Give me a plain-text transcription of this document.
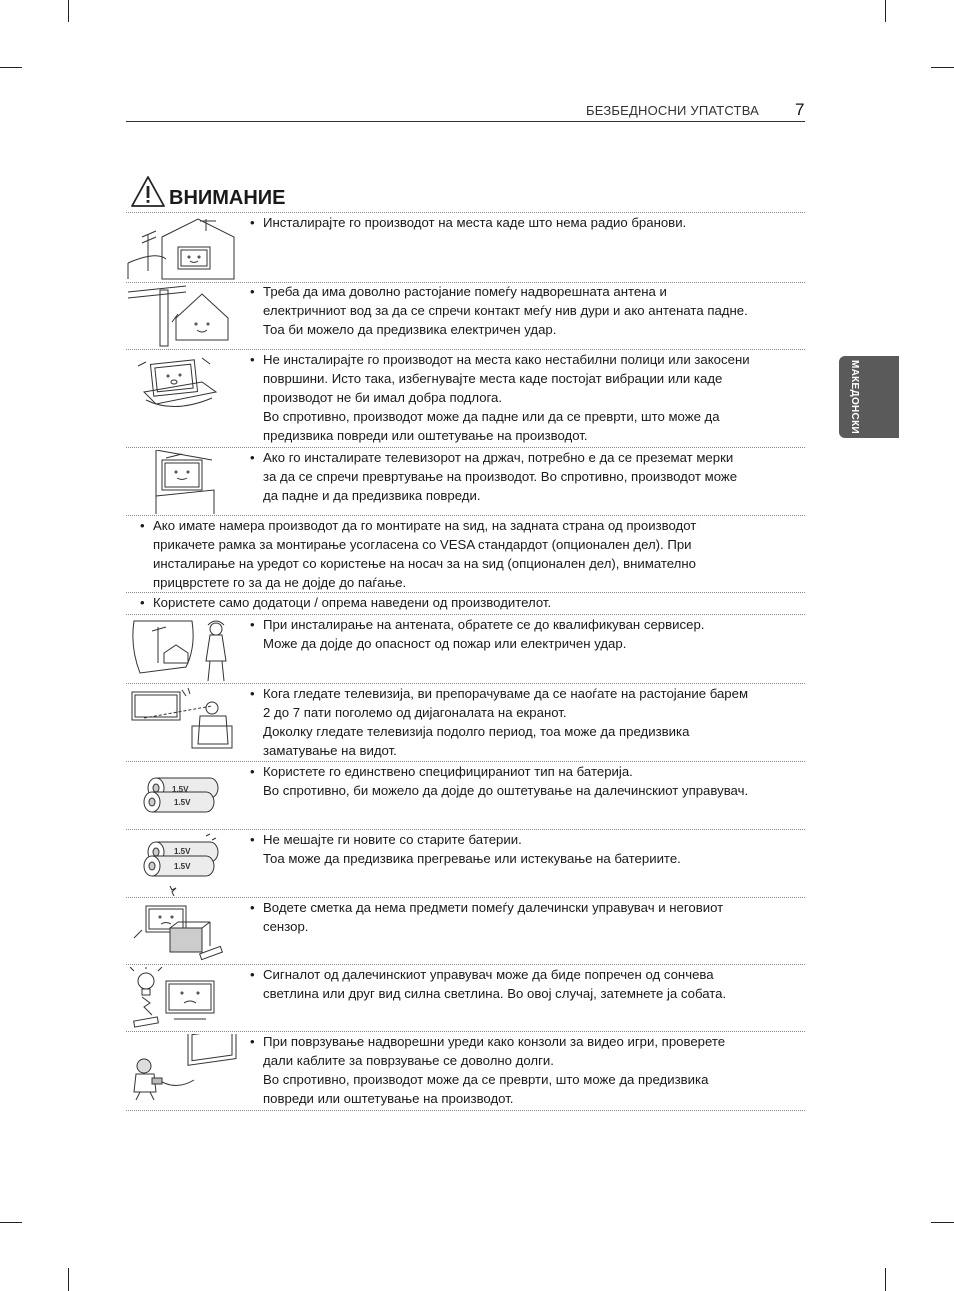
БЕЗБЕДНОСНИ УПАТСТВА 7
МАКЕДОНСКИ
ВНИМАНИЕ
• Инсталирајте го производот на места каде што нема радио бранови.
• Треба да има доволно растојание помеѓу надворешната антена и
електричниот вод за да се спречи контакт меѓу нив дури и ако антената падне.
Тоа би можело да предизвика електричен удар.
• Не инсталирајте го производот на места како нестабилни полици или закосени
површини. Исто така, избегнувајте места каде постојат вибрации или каде
производот не би имал добра подлога.
Во спротивно, производот може да падне или да се преврти, што може да
предизвика повреди или оштетување на производот.
• Ако го инсталирате телевизорот на држач, потребно е да се преземат мерки
за да се спречи превртување на производот. Во спротивно, производот може
да падне и да предизвика повреди.
• Ако имате намера производот да го монтирате на ѕид, на задната страна од производот
прикачете рамка за монтирање усогласена со VESA стандардот (опционален дел). При
инсталирање на уредот со користење на носач за на ѕид (опционален дел), внимателно
прицврстете го за да не дојде до паѓање.
• Користете само додатоци / опрема наведени од производителот.
• При инсталирање на антената, обратете се до квалификуван сервисер.
Може да дојде до опасност од пожар или електричен удар.
• Кога гледате телевизија, ви препорачуваме да се наоѓате на растојание барем
2 до 7 пати поголемо од дијагоналата на екранот.
Доколку гледате телевизија подолго период, тоа може да предизвика
заматување на видот.
1.5V
1.5V
• Користете го единствено специфицираниот тип на батерија.
Во спротивно, би можело да дојде до оштетување на далечинскиот управувач.
1.5V
1.5V
• Не мешајте ги новите со старите батерии.
Тоа може да предизвика прегревање или истекување на батериите.
• Водете сметка да нема предмети помеѓу далечински управувач и неговиот
сензор.
• Сигналот од далечинскиот управувач може да биде попречен од сончева
светлина или друг вид силна светлина. Во овој случај, затемнете ја собата.
• При поврзување надворешни уреди како конзоли за видео игри, проверете
дали каблите за поврзување се доволно долги.
Во спротивно, производот може да се преврти, што може да предизвика
повреди или оштетување на производот.
